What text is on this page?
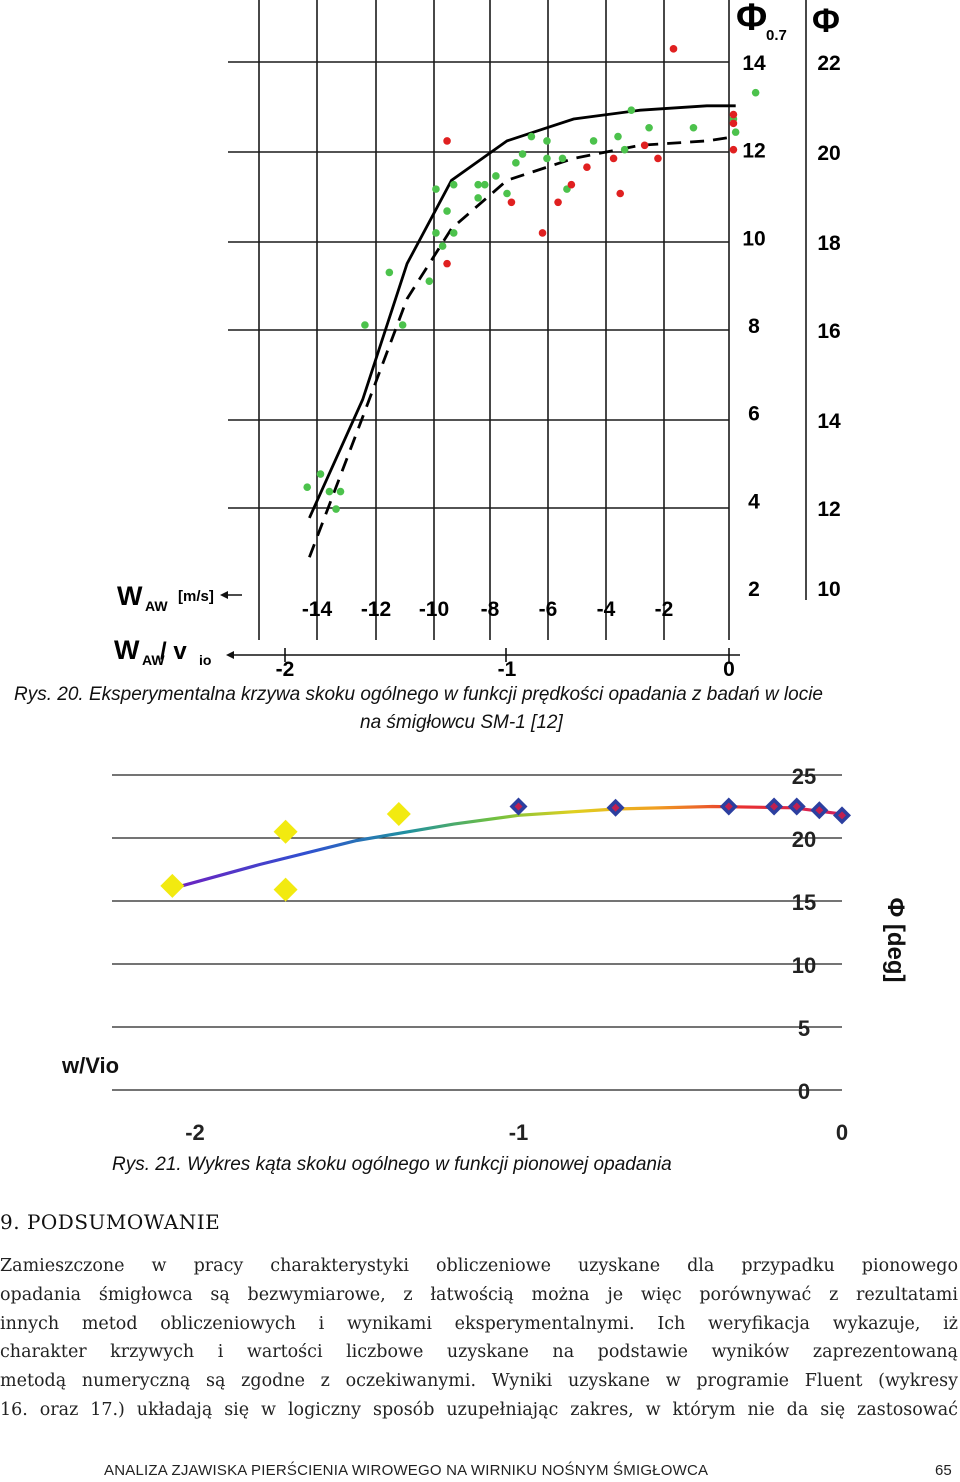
Φ
0.7 Φ
2
4
6
8
10
12
14
10
12
14
16
18
20
22
-14 -12 -10 -8 -6 -4 -2
W AW
[m/s]
-2	-1	0
W AW
/ v io
Rys. 20. Eksperymentalna krzywa skoku ogólnego w funkcji prędkości opadania z badań w locie
na śmigłowcu SM-1 [12]
-2	-1	0
0
5
10
15
20
25
w/Vio
Φ [deg]
Rys. 21. Wykres kąta skoku ogólnego w funkcji pionowej opadania
9. PODSUMOWANIE
Zamieszczone w pracy charakterystyki obliczeniowe uzyskane dla przypadku pionowego
opadania śmigłowca są bezwymiarowe, z łatwością można je więc porównywać z rezultatami
innych metod obliczeniowych i wynikami eksperymentalnymi. Ich weryfikacja wykazuje, iż
charakter krzywych i wartości liczbowe uzyskane na podstawie wyników zaprezentowaną
metodą numeryczną są zgodne z oczekiwanymi. Wyniki uzyskane w programie Fluent (wykresy
16. oraz 17.) układają się w logiczny sposób uzupełniając zakres, w którym nie da się zastosować
ANALIZA ZJAWISKA PIERŚCIENIA WIROWEGO NA WIRNIKU NOŚNYM ŚMIGŁOWCA	65
